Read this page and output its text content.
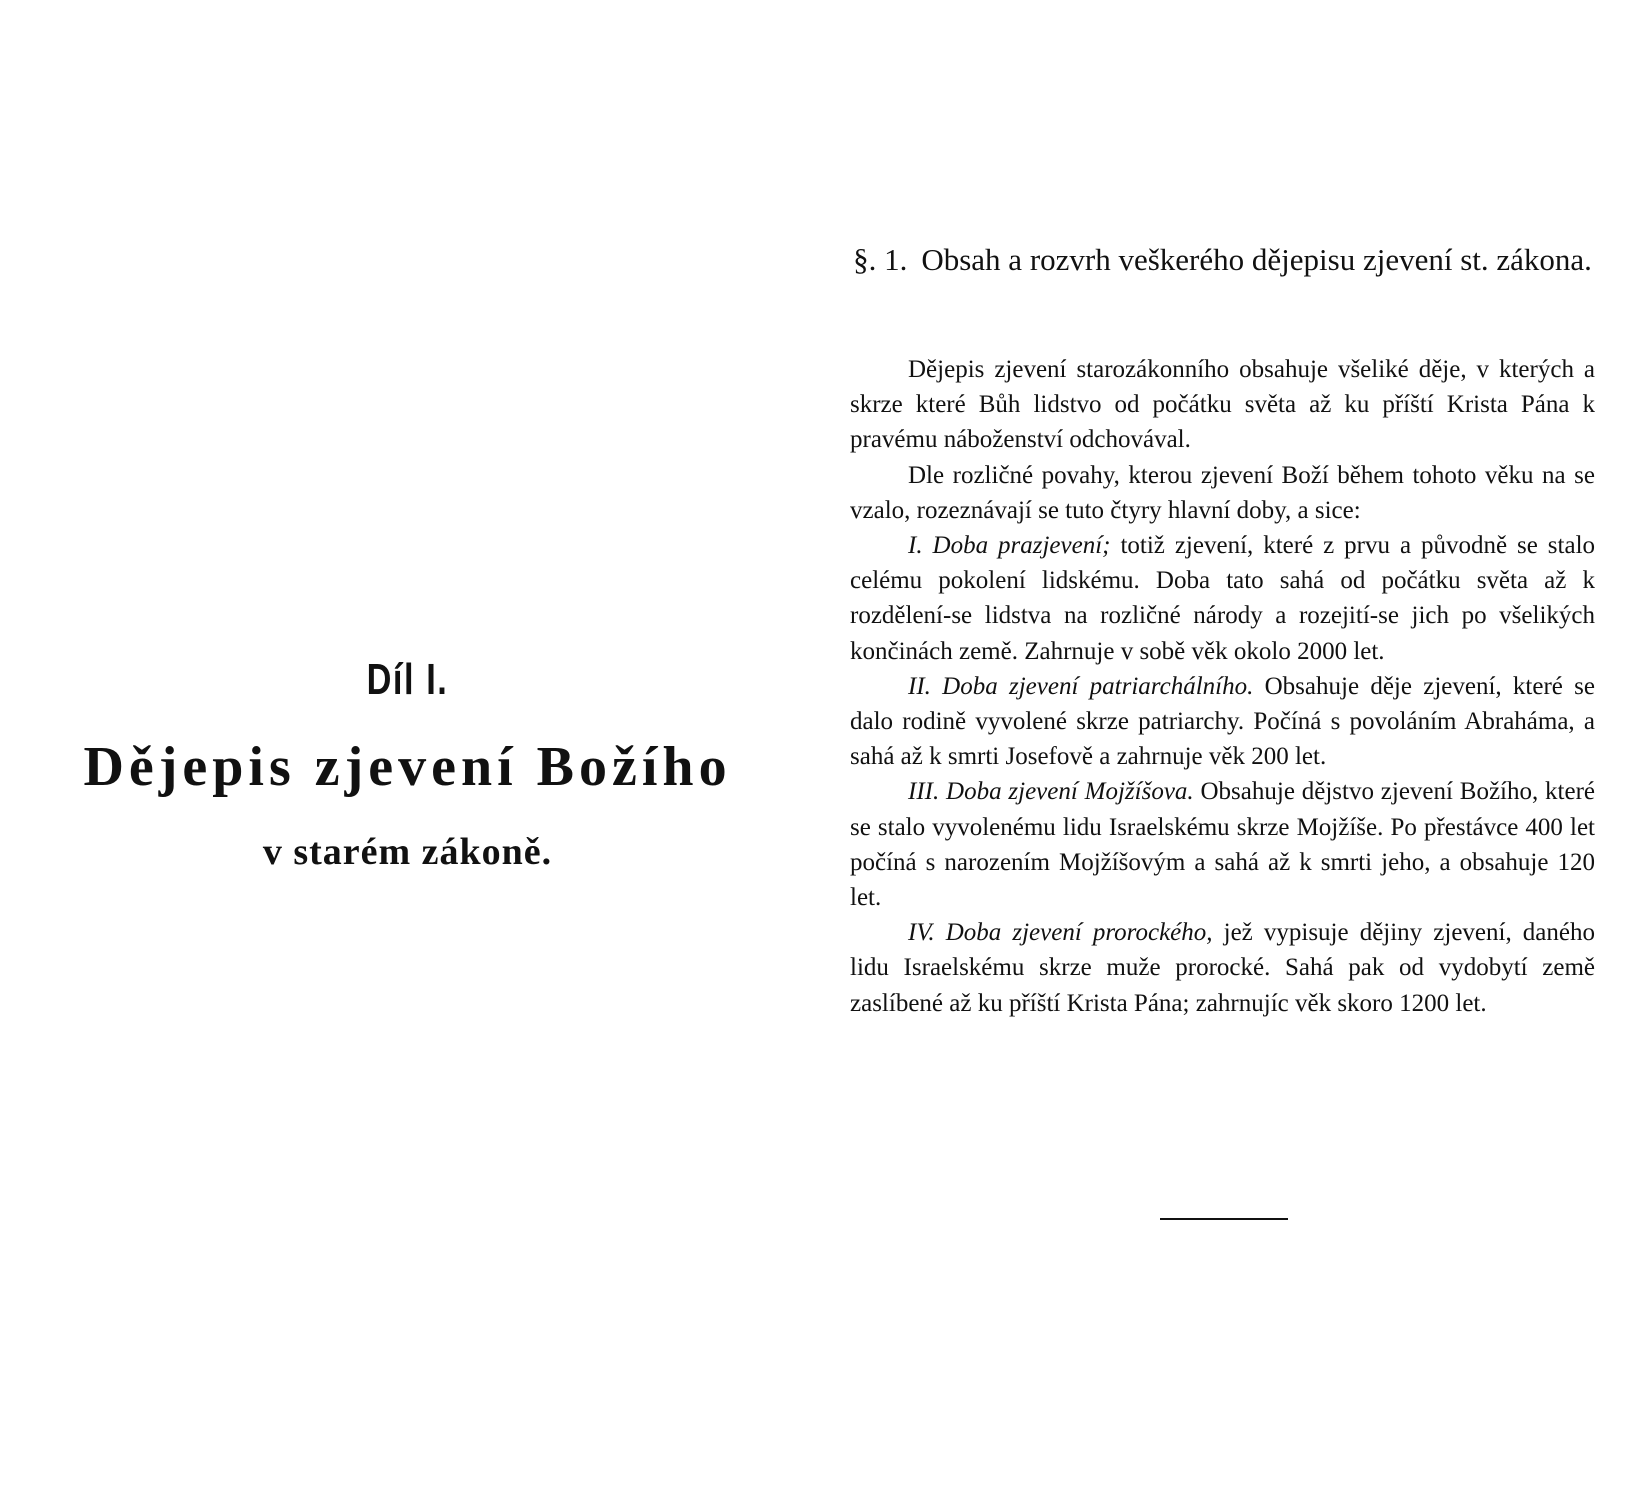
Díl I.
Dějepis zjevení Božího
v starém zákoně.
§. 1. Obsah a rozvrh veškerého dějepisu zjevení st. zákona.

Dějepis zjevení starozákonního obsahuje všeliké děje, v kterých a skrze které Bůh lidstvo od počátku světa až ku příští Krista Pána k pravému náboženství odchovával.

Dle rozličné povahy, kterou zjevení Boží během tohoto věku na se vzalo, rozeznávají se tuto čtyry hlavní doby, a sice:

I. Doba prazjevení; totiž zjevení, které z prvu a původně se stalo celému pokolení lidskému. Doba tato sahá od počátku světa až k rozdělení-se lidstva na rozličné národy a rozejití-se jich po všelikých končinách země. Zahrnuje v sobě věk okolo 2000 let.

II. Doba zjevení patriarchálního. Obsahuje děje zjevení, které se dalo rodině vyvolené skrze patriarchy. Počíná s povoláním Abraháma, a sahá až k smrti Josefově a zahrnuje věk 200 let.

III. Doba zjevení Mojžíšova. Obsahuje dějstvo zjevení Božího, které se stalo vyvolenému lidu Israelskému skrze Mojžíše. Po přestávce 400 let počíná s narozením Mojžíšovým a sahá až k smrti jeho, a obsahuje 120 let.

IV. Doba zjevení prorockého, jež vypisuje dějiny zjevení, daného lidu Israelskému skrze muže prorocké. Sahá pak od vydobytí země zaslíbené až ku příští Krista Pána; zahrnujíc věk skoro 1200 let.
